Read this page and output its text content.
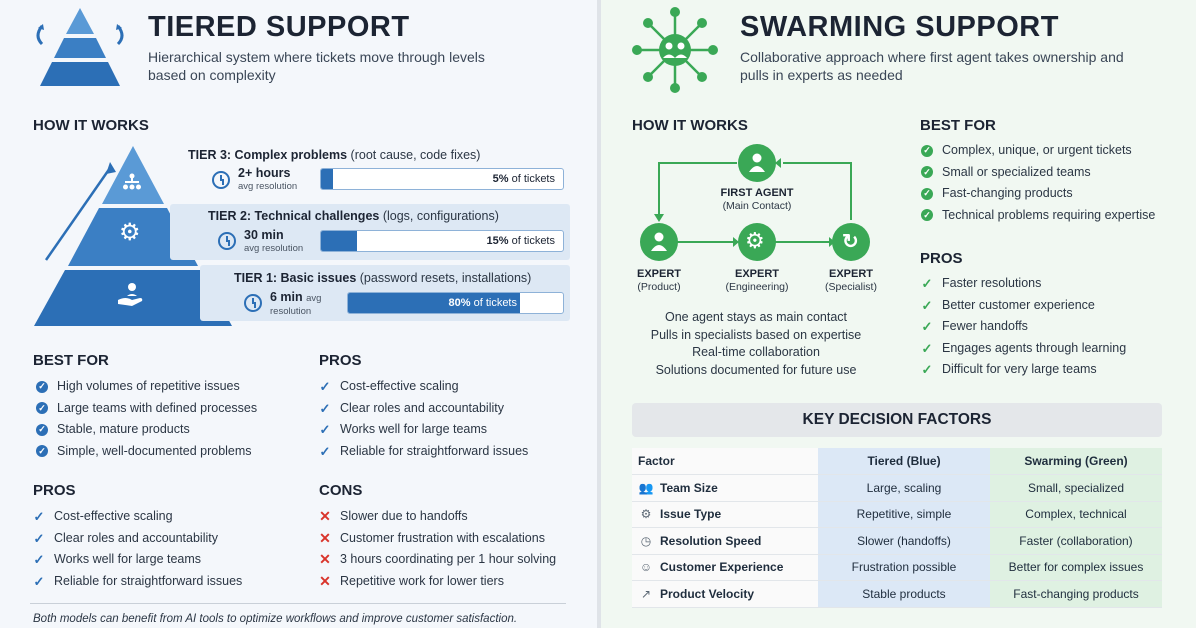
TIERED SUPPORT
Hierarchical system where tickets move through levels
based on complexity
HOW IT WORKS
⚙
TIER 3: Complex problems (root cause, code fixes)
2+ hours
avg resolution
5% of tickets
TIER 2: Technical challenges (logs, configurations)
30 min
avg resolution
15% of tickets
TIER 1: Basic issues (password resets, installations)
6 min avg
resolution
80% of tickets
BEST FOR
✓ High volumes of repetitive issues
✓ Large teams with defined processes
✓ Stable, mature products
✓ Simple, well-documented problems
PROS
✓ Cost-effective scaling
✓ Clear roles and accountability
✓ Works well for large teams
✓ Reliable for straightforward issues
PROS
✓ Cost-effective scaling
✓ Clear roles and accountability
✓ Works well for large teams
✓ Reliable for straightforward issues
CONS
✕ Slower due to handoffs
✕ Customer frustration with escalations
✕ 3 hours coordinating per 1 hour solving
✕ Repetitive work for lower tiers
Both models can benefit from AI tools to optimize workflows and improve customer satisfaction.
SWARMING SUPPORT
Collaborative approach where first agent takes ownership and
pulls in experts as needed
HOW IT WORKS
⚙	↻
FIRST AGENT
(Main Contact)
EXPERT
(Product)
EXPERT
(Engineering)
EXPERT
(Specialist)
One agent stays as main contact
Pulls in specialists based on expertise
Real-time collaboration
Solutions documented for future use
BEST FOR
✓ Complex, unique, or urgent tickets
✓ Small or specialized teams
✓ Fast-changing products
✓ Technical problems requiring expertise
PROS
✓ Faster resolutions
✓ Better customer experience
✓ Fewer handoffs
✓ Engages agents through learning
✓ Difficult for very large teams
KEY DECISION FACTORS
Factor	Tiered (Blue)	Swarming (Green)
👥 Team Size	Large, scaling	Small, specialized
⚙ Issue Type	Repetitive, simple	Complex, technical
◷ Resolution Speed	Slower (handoffs)	Faster (collaboration)
☺ Customer Experience	Frustration possible	Better for complex issues
↗ Product Velocity	Stable products	Fast-changing products
